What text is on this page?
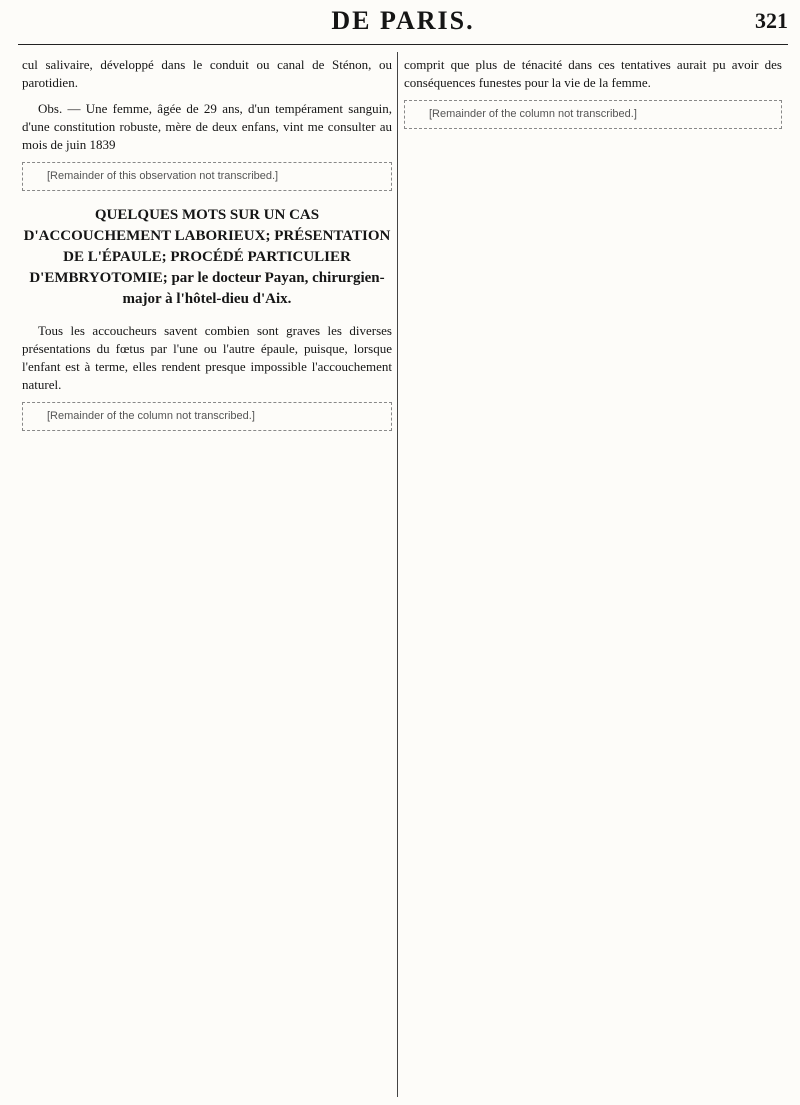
DE PARIS.	321

cul salivaire, développé dans le conduit ou canal de Sténon, ou parotidien.

Obs. — Une femme, âgée de 29 ans, d'un tempérament sanguin, d'une constitution robuste, mère de deux enfans, vint me consulter au mois de juin 1839

[Remainder of this observation not transcribed.]

QUELQUES MOTS SUR UN CAS D'ACCOUCHEMENT LABORIEUX; PRÉSENTATION DE L'ÉPAULE; PROCÉDÉ PARTICULIER D'EMBRYOTOMIE; par le docteur Payan, chirurgien-major à l'hôtel-dieu d'Aix.

Tous les accoucheurs savent combien sont graves les diverses présentations du fœtus par l'une ou l'autre épaule, puisque, lorsque l'enfant est à terme, elles rendent presque impossible l'accouchement naturel.

[Remainder of the column not transcribed.]

comprit que plus de ténacité dans ces tentatives aurait pu avoir des conséquences funestes pour la vie de la femme.

[Remainder of the column not transcribed.]
